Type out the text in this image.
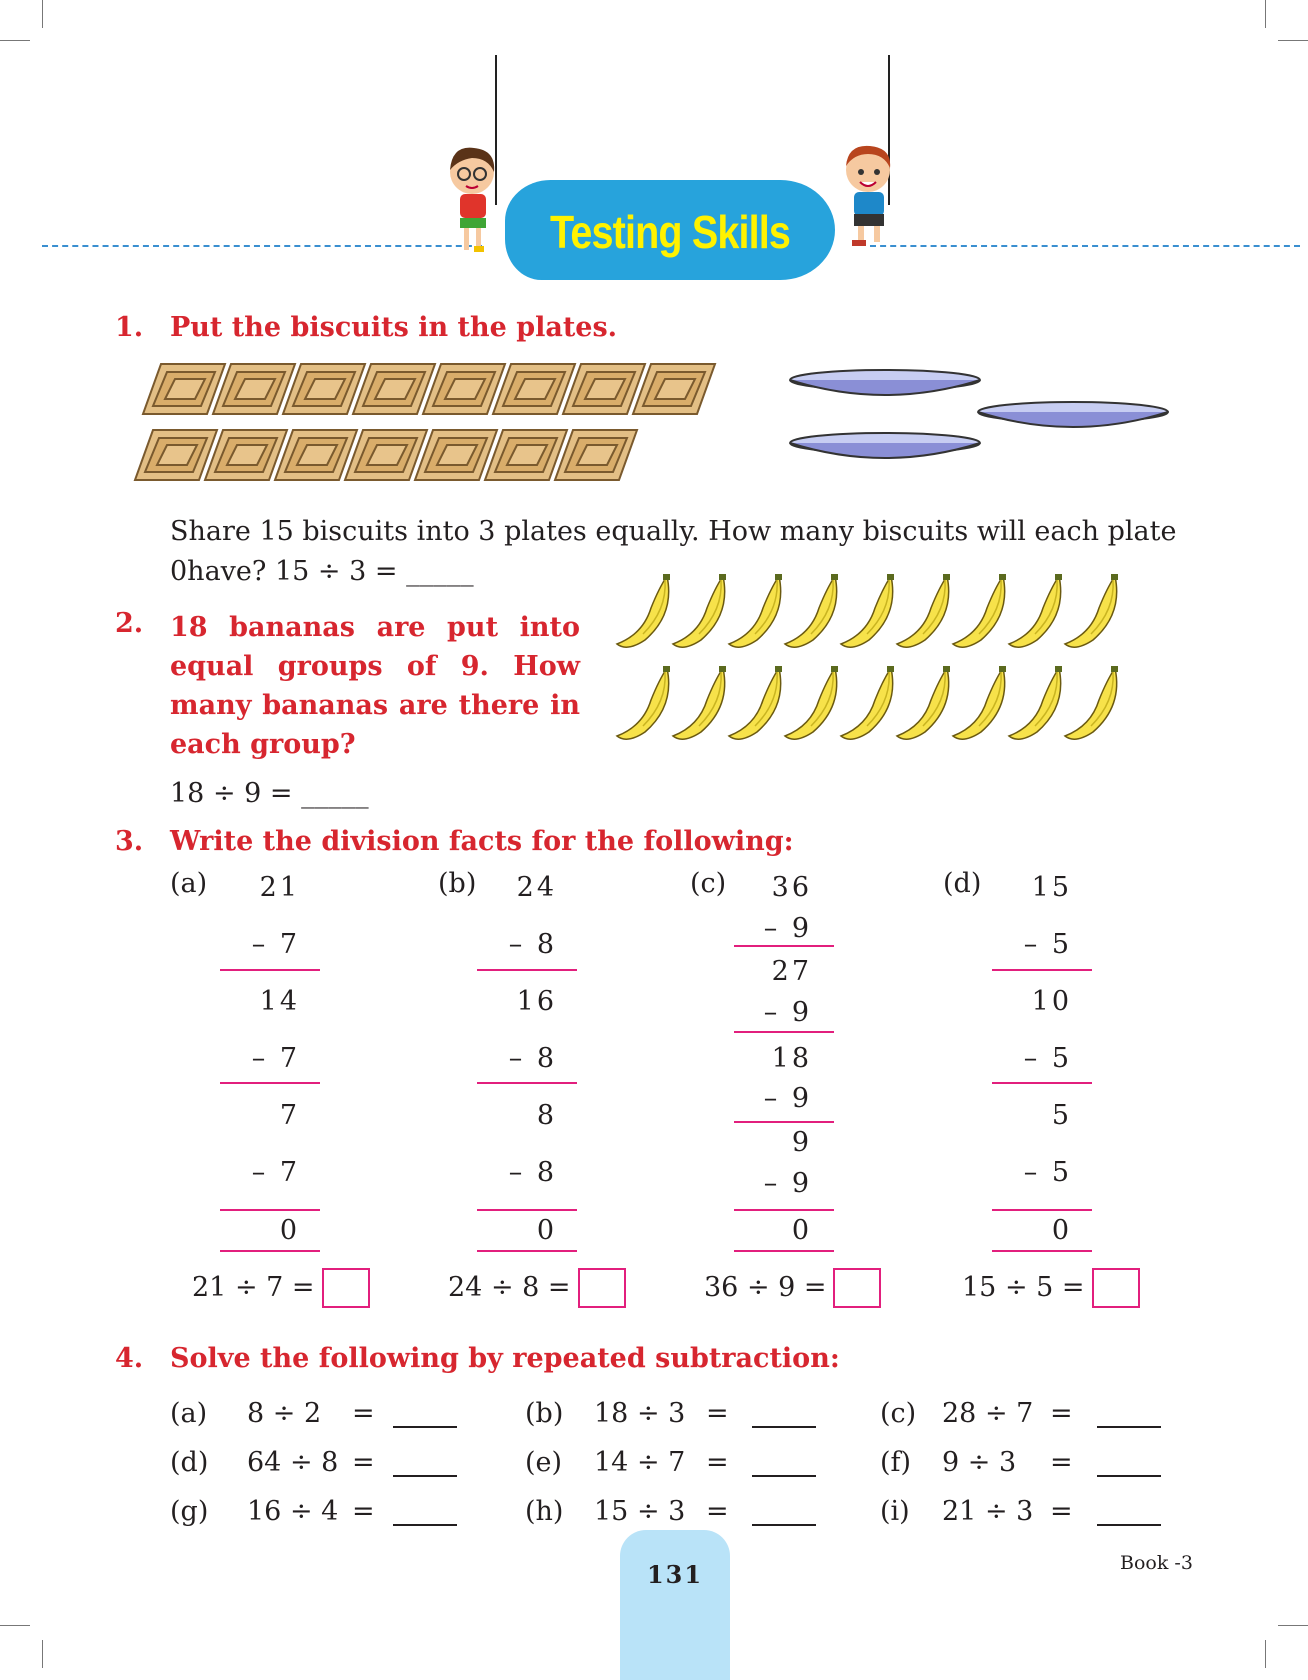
Testing Skills
1. Put the biscuits in the plates.
Share 15 biscuits into 3 plates equally. How many biscuits will each plate
0have? 15 ÷ 3 = _____
2. 18 bananas are put into
equal groups of 9. How
many bananas are there in
each group?
18 ÷ 9 = _____
3. Write the division facts for the following:
(a)	21
– 7
14
– 7
7
– 7
0
21 ÷ 7 =
(b)	24
– 8
16
– 8
8
– 8
0
24 ÷ 8 =
(c)	36
– 9
27
– 9
18
– 9
9
– 9
0
36 ÷ 9 =
(d)	15
– 5
10
– 5
5
– 5
0
15 ÷ 5 =
4. Solve the following by repeated subtraction:
(a) 8 ÷ 2 =	(b) 18 ÷ 3 =	(c) 28 ÷ 7 =
(d) 64 ÷ 8 =	(e) 14 ÷ 7 =	(f) 9 ÷ 3 =
(g) 16 ÷ 4 =	(h) 15 ÷ 3 =	(i) 21 ÷ 3 =
131	Book -3
